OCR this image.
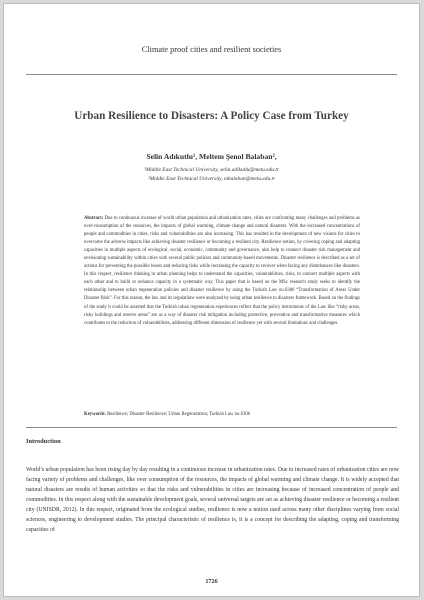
Climate proof cities and resilient societies
Urban Resilience to Disasters: A Policy Case from Turkey
Selin Adıkutlu¹, Meltem Şenol Balaban²,
¹Middle East Technical University, selin.adikutlu@metu.edu.tr
²Middle East Technical University, mbalaban@metu.edu.tr
Abstract: Due to continuous increase of world urban population and urbanization rates, cities are confronting many challenges and problems as over-consumption of the resources, the impacts of global warming, climate change and natural disasters. With the increased concentrations of people and commodities in cities, risks and vulnerabilities are also increasing. This has resulted in the development of new visions for cities to overcome the adverse impacts like achieving disaster resilience or becoming a resilient city. Resilience notion, by covering coping and adapting capacities in multiple aspects of ecological, social, economic, community and governance, also help to connect disaster risk management and envisioning sustainability within cities with several public policies and community-based movements. Disaster resilience is described as a set of actions for preventing the possible losses and reducing risks while increasing the capacity to recover when facing any disturbances like disasters. In this respect, resilience thinking in urban planning helps to understand the capacities, vulnerabilities, risks, to connect multiple aspects with each other and to build or enhance capacity in a systematic way. This paper that is based on the MSc research study seeks to identify the relationship between urban regeneration policies and disaster resilience by using the Turkish Law no.6306 “Transformation of Areas Under Disaster Risk”. For this reason, the law and its regulations were analyzed by using urban resilience to disasters framework. Based on the findings of the study it could be asserted that the Turkish urban regeneration experiences reflect that the policy instruments of the Law like “risky areas, risky buildings and reserve areas” are as a way of disaster risk mitigation including protective, preventive and transformative measures which contributes to the reduction of vulnerabilities, addressing different dimension of resilience yet with several limitations and challenges.
Keywords: Resilience; Disaster Resilience; Urban Regeneration; Turkish Law no.6306
Introduction
World’s urban population has been rising day by day resulting in a continuous increase in urbanization rates. Due to increased rates of urbanization cities are now facing variety of problems and challenges, like over consumption of the resources, the impacts of global warming and climate change. It is widely accepted that natural disasters are results of human activities so that the risks and vulnerabilities in cities are increasing because of increased concentration of people and commodities. In this respect along with the sustainable development goals, several universal targets are set as achieving disaster resilience or becoming a resilient city (UNISDR, 2012). In this respect, originated from the ecological studies, resilience is now a notion used across many other disciplines varying from social sciences, engineering to development studies. The principal characteristic of resilience is, it is a concept for describing the adapting, coping and transforming capacities of
1726
